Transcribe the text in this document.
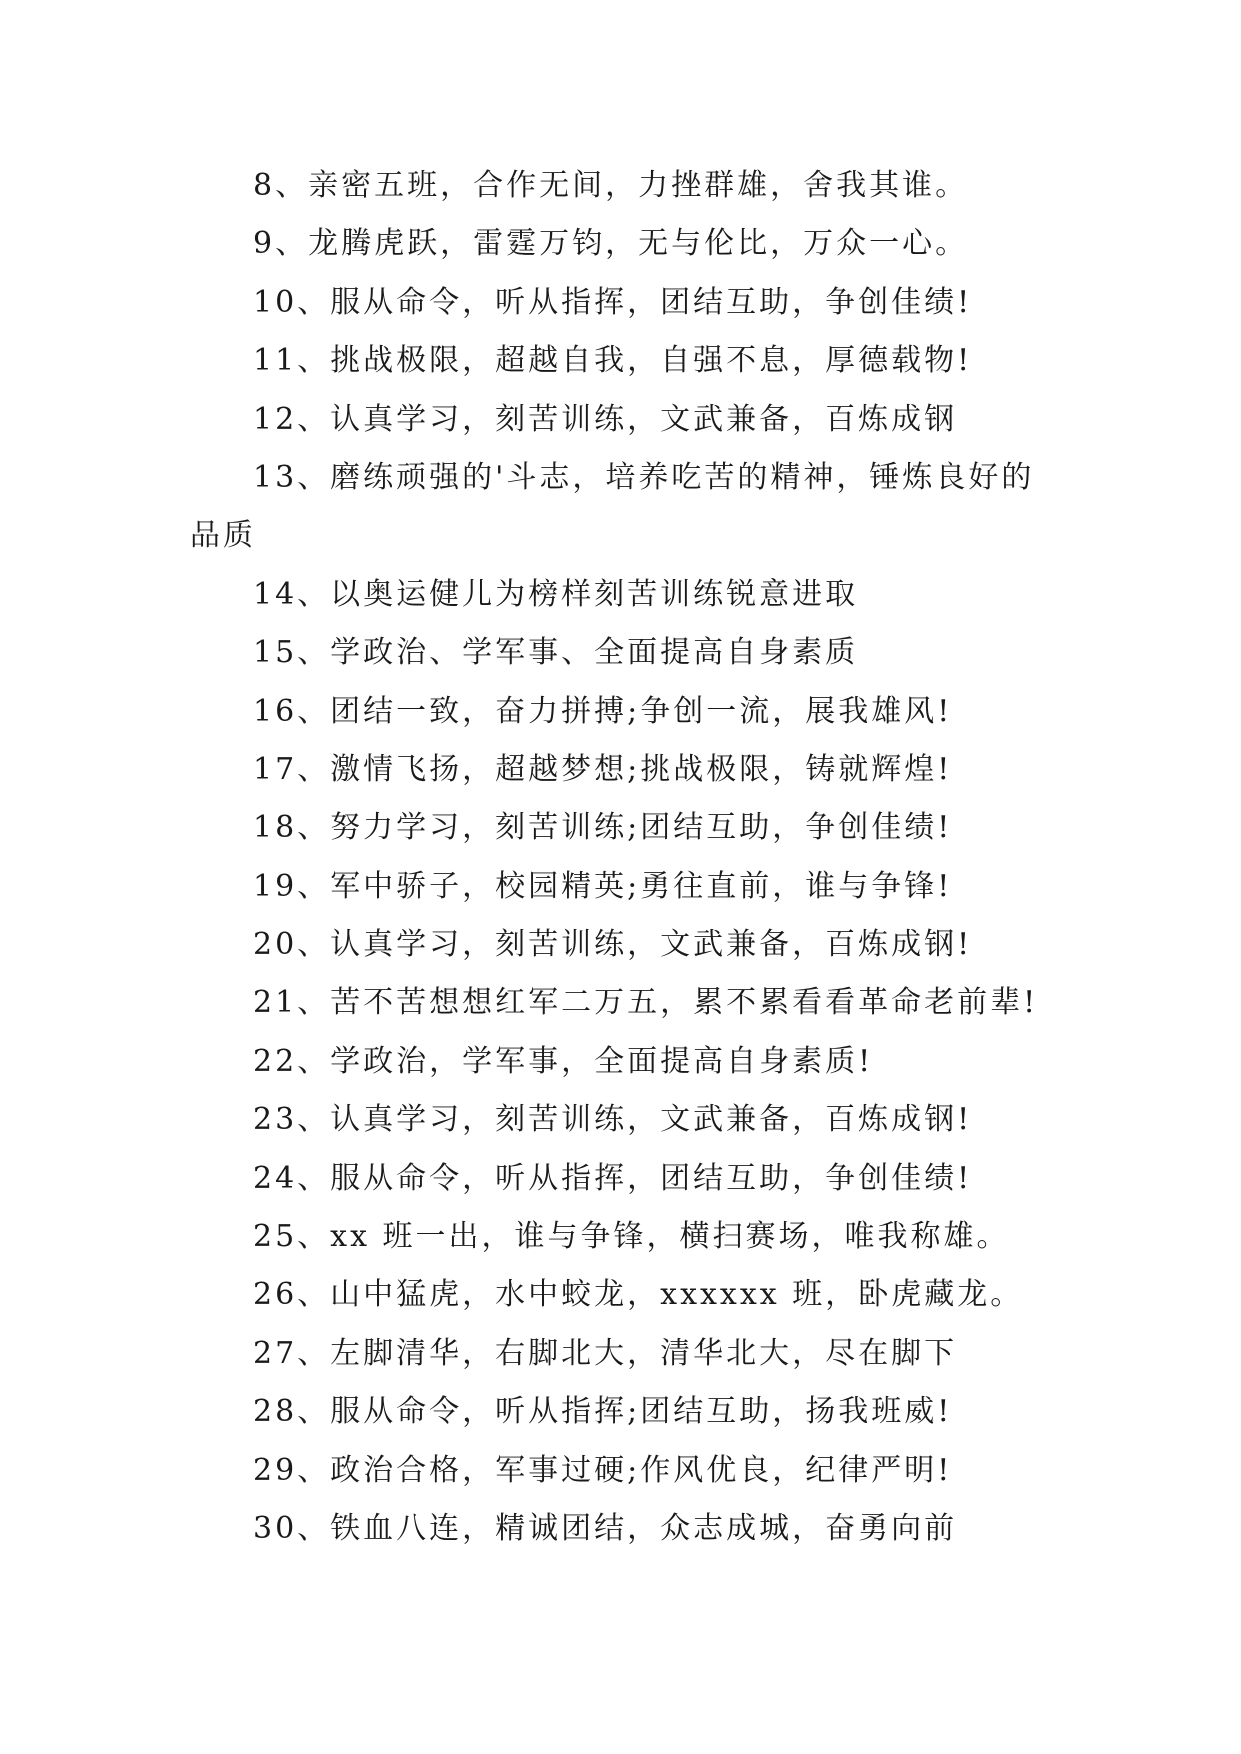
8、亲密五班，合作无间，力挫群雄，舍我其谁。

9、龙腾虎跃，雷霆万钧，无与伦比，万众一心。

10、服从命令，听从指挥，团结互助，争创佳绩!

11、挑战极限，超越自我，自强不息，厚德载物!

12、认真学习，刻苦训练，文武兼备，百炼成钢

13、磨练顽强的'斗志，培养吃苦的精神，锤炼良好的

品质

14、以奥运健儿为榜样刻苦训练锐意进取

15、学政治、学军事、全面提高自身素质

16、团结一致，奋力拼搏;争创一流，展我雄风!

17、激情飞扬，超越梦想;挑战极限，铸就辉煌!

18、努力学习，刻苦训练;团结互助，争创佳绩!

19、军中骄子，校园精英;勇往直前，谁与争锋!

20、认真学习，刻苦训练，文武兼备，百炼成钢!

21、苦不苦想想红军二万五，累不累看看革命老前辈!

22、学政治，学军事，全面提高自身素质!

23、认真学习，刻苦训练，文武兼备，百炼成钢!

24、服从命令，听从指挥，团结互助，争创佳绩!

25、xx 班一出，谁与争锋，横扫赛场，唯我称雄。

26、山中猛虎，水中蛟龙，xxxxxx 班，卧虎藏龙。

27、左脚清华，右脚北大，清华北大，尽在脚下

28、服从命令，听从指挥;团结互助，扬我班威!

29、政治合格，军事过硬;作风优良，纪律严明!

30、铁血八连，精诚团结，众志成城，奋勇向前
